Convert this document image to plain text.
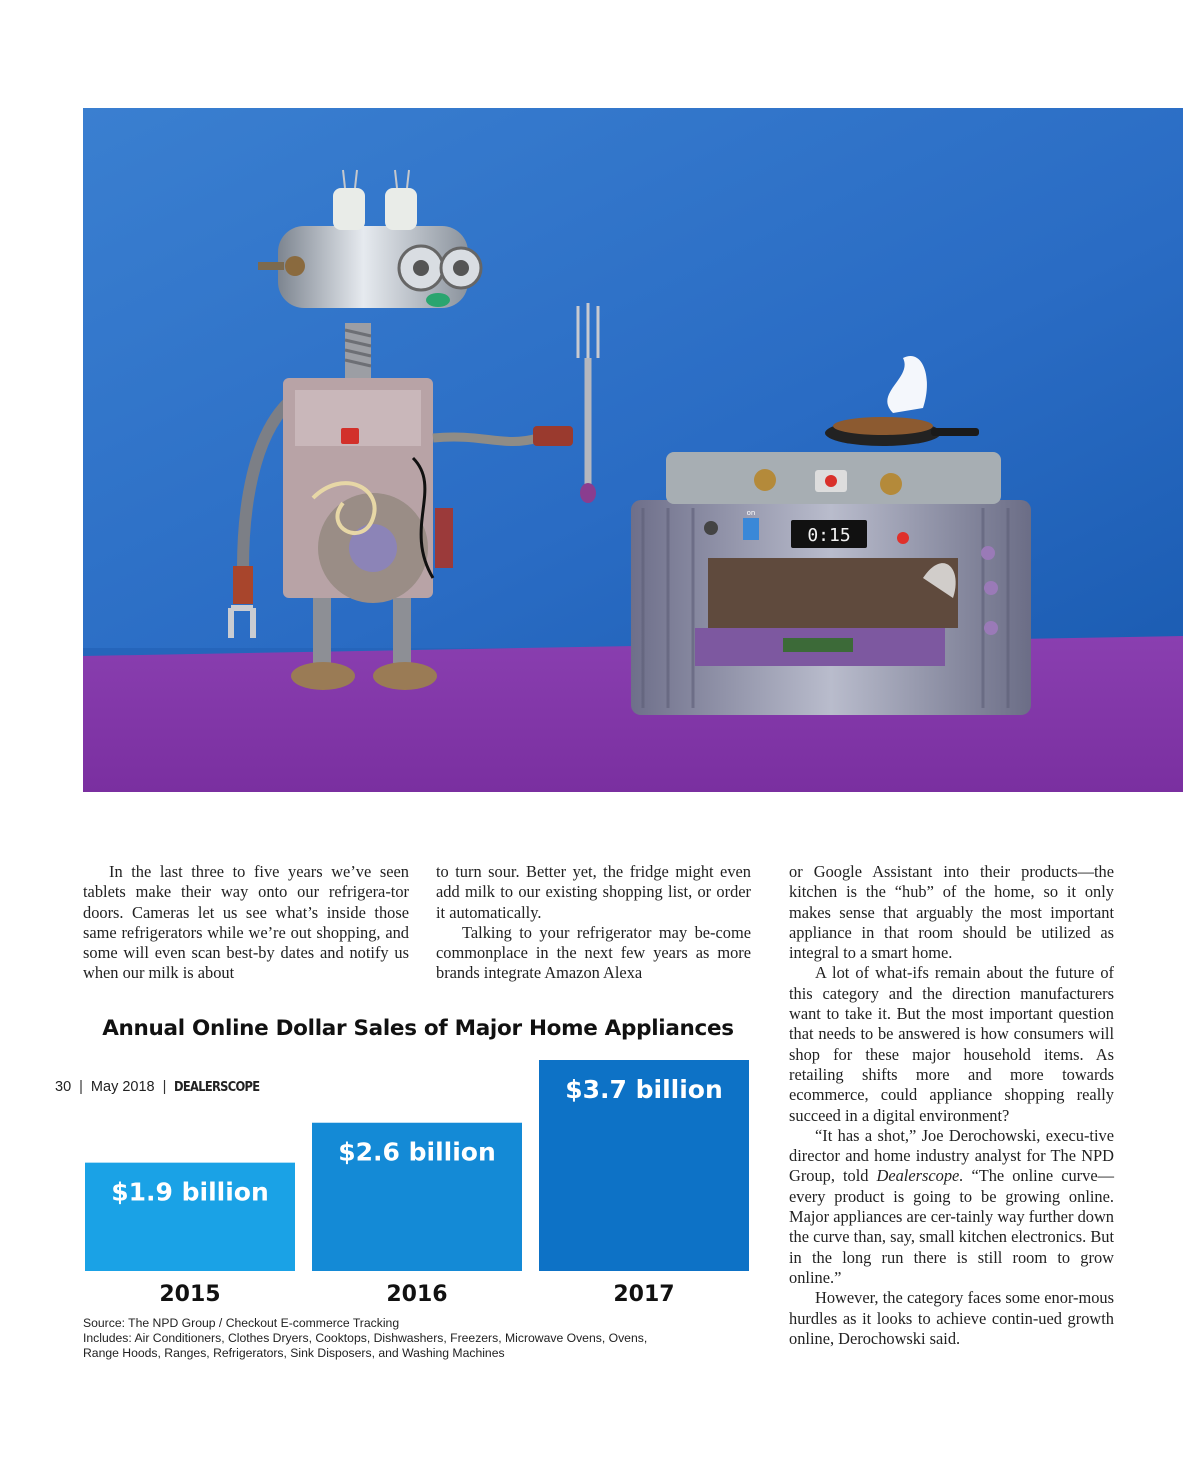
on
0:15

In the last three to five years we’ve seen tablets make their way onto our refrigera-tor doors. Cameras let us see what’s inside those same refrigerators while we’re out shopping, and some will even scan best-by dates and notify us when our milk is about

to turn sour. Better yet, the fridge might even add milk to our existing shopping list, or order it automatically.

Talking to your refrigerator may be-come commonplace in the next few years as more brands integrate Amazon Alexa

or Google Assistant into their products—the kitchen is the “hub” of the home, so it only makes sense that arguably the most important appliance in that room should be utilized as integral to a smart home.

A lot of what-ifs remain about the future of this category and the direction manufacturers want to take it. But the most important question that needs to be answered is how consumers will shop for these major household items. As retailing shifts more and more towards ecommerce, could appliance shopping really succeed in a digital environment?

“It has a shot,” Joe Derochowski, execu-tive director and home industry analyst for The NPD Group, told Dealerscope. “The online curve—every product is going to be growing online. Major appliances are cer-tainly way further down the curve than, say, small kitchen electronics. But in the long run there is still room to grow online.”

However, the category faces some enor-mous hurdles as it looks to achieve contin-ued growth online, Derochowski said.

Annual Online Dollar Sales of Major Home Appliances
$1.9 billion
2015
$2.6 billion
2016
$3.7 billion
2017
Source: The NPD Group / Checkout E-commerce Tracking
Includes: Air Conditioners, Clothes Dryers, Cooktops, Dishwashers, Freezers, Microwave Ovens, Ovens,
Range Hoods, Ranges, Refrigerators, Sink Disposers, and Washing Machines
30 | May 2018 | DEALERSCOPE
